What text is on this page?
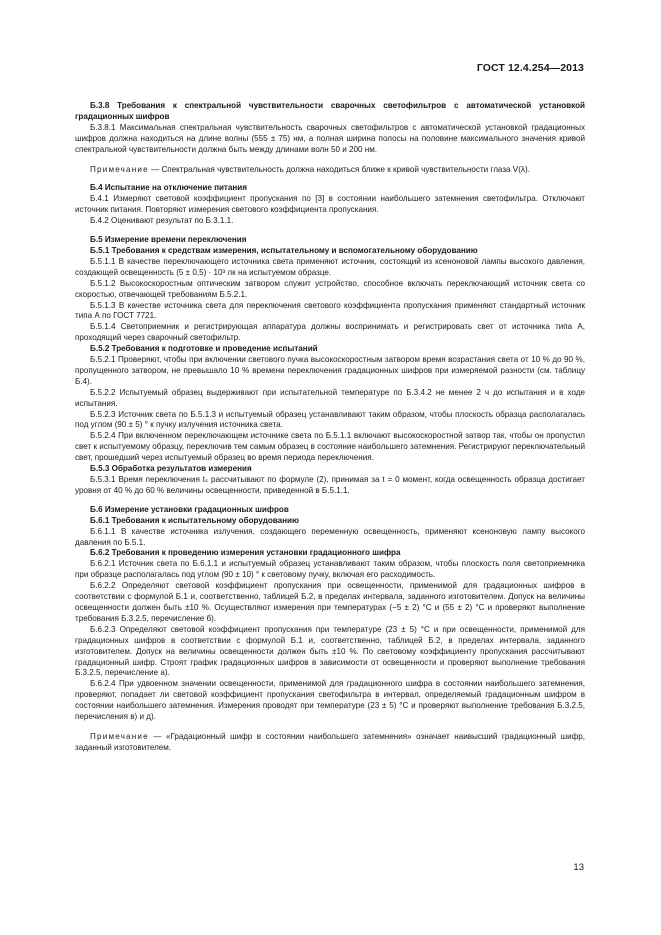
ГОСТ 12.4.254—2013

Б.3.8 Требования к спектральной чувствительности сварочных светофильтров с автоматической установкой градационных шифров

Б.3.8.1 Максимальная спектральная чувствительность сварочных светофильтров с автоматической установкой градационных шифров должна находиться на длине волны (555 ± 75) нм, а полная ширина полосы на половине максимального значения кривой спектральной чувствительности должна быть между длинами волн 50 и 200 нм.

Примечание — Спектральная чувствительность должна находиться ближе к кривой чувствительности глаза V(λ).

Б.4 Испытание на отключение питания

Б.4.1 Измеряют световой коэффициент пропускания по [3] в состоянии наибольшего затемнения светофильтра. Отключают источник питания. Повторяют измерения светового коэффициента пропускания.

Б.4.2 Оценивают результат по Б.3.1.1.

Б.5 Измерение времени переключения

Б.5.1 Требования к средствам измерения, испытательному и вспомогательному оборудованию

Б.5.1.1 В качестве переключающего источника света применяют источник, состоящий из ксеноновой лампы высокого давления, создающей освещенность (5 ± 0,5) · 10³ лк на испытуемом образце.

Б.5.1.2 Высокоскоростным оптическим затвором служит устройство, способное включать переключающий источник света со скоростью, отвечающей требованиям Б.5.2.1.

Б.5.1.3 В качестве источника света для переключения светового коэффициента пропускания применяют стандартный источник типа А по ГОСТ 7721.

Б.5.1.4 Светоприемник и регистрирующая аппаратура должны воспринимать и регистрировать свет от источника типа А, проходящий через сварочный светофильтр.

Б.5.2 Требования к подготовке и проведение испытаний

Б.5.2.1 Проверяют, чтобы при включении светового пучка высокоскоростным затвором время возрастания света от 10 % до 90 %, пропущенного затвором, не превышало 10 % времени переключения градационных шифров при измеряемой разности (см. таблицу Б.4).

Б.5.2.2 Испытуемый образец выдерживают при испытательной температуре по Б.3.4.2 не менее 2 ч до испытания и в ходе испытания.

Б.5.2.3 Источник света по Б.5.1.3 и испытуемый образец устанавливают таким образом, чтобы плоскость образца располагалась под углом (90 ± 5) ° к пучку излучения источника света.

Б.5.2.4 При включенном переключающем источнике света по Б.5.1.1 включают высокоскоростной затвор так, чтобы он пропустил свет к испытуемому образцу, переключив тем самым образец в состояние наибольшего затемнения. Регистрируют переключательный свет, прошедший через испытуемый образец во время периода переключения.

Б.5.3 Обработка результатов измерения

Б.5.3.1 Время переключения tₛ рассчитывают по формуле (2), принимая за t = 0 момент, когда освещенность образца достигает уровня от 40 % до 60 % величины освещенности, приведенной в Б.5.1.1.

Б.6 Измерение установки градационных шифров

Б.6.1 Требования к испытательному оборудованию

Б.6.1.1 В качестве источника излучения, создающего переменную освещенность, применяют ксеноновую лампу высокого давления по Б.5.1.

Б.6.2 Требования к проведению измерения установки градационного шифра

Б.6.2.1 Источник света по Б.6.1.1 и испытуемый образец устанавливают таким образом, чтобы плоскость поля светоприемника при образце располагалась под углом (90 ± 10) ° к световому пучку, включая его расходимость.

Б.6.2.2 Определяют световой коэффициент пропускания при освещенности, применимой для градационных шифров в соответствии с формулой Б.1 и, соответственно, таблицей Б.2, в пределах интервала, заданного изготовителем. Допуск на величины освещенности должен быть ±10 %. Осуществляют измерения при температурах (−5 ± 2) °С и (55 ± 2) °С и проверяют выполнение требования Б.3.2.5, перечисление б).

Б.6.2.3 Определяют световой коэффициент пропускания при температуре (23 ± 5) °С и при освещенности, применимой для градационных шифров в соответствии с формулой Б.1 и, соответственно, таблицей Б.2, в пределах интервала, заданного изготовителем. Допуск на величины освещенности должен быть ±10 %. По световому коэффициенту пропускания рассчитывают градационный шифр. Строят график градационных шифров в зависимости от освещенности и проверяют выполнение требования Б.3.2.5, перечисление а).

Б.6.2.4 При удвоенном значении освещенности, применимой для градационного шифра в состоянии наибольшего затемнения, проверяют, попадает ли световой коэффициент пропускания светофильтра в интервал, определяемый градационным шифром в состоянии наибольшего затемнения. Измерения проводят при температуре (23 ± 5) °С и проверяют выполнение требования Б.3.2.5, перечисления в) и д).

Примечание — «Градационный шифр в состоянии наибольшего затемнения» означает наивысший градационный шифр, заданный изготовителем.

13
